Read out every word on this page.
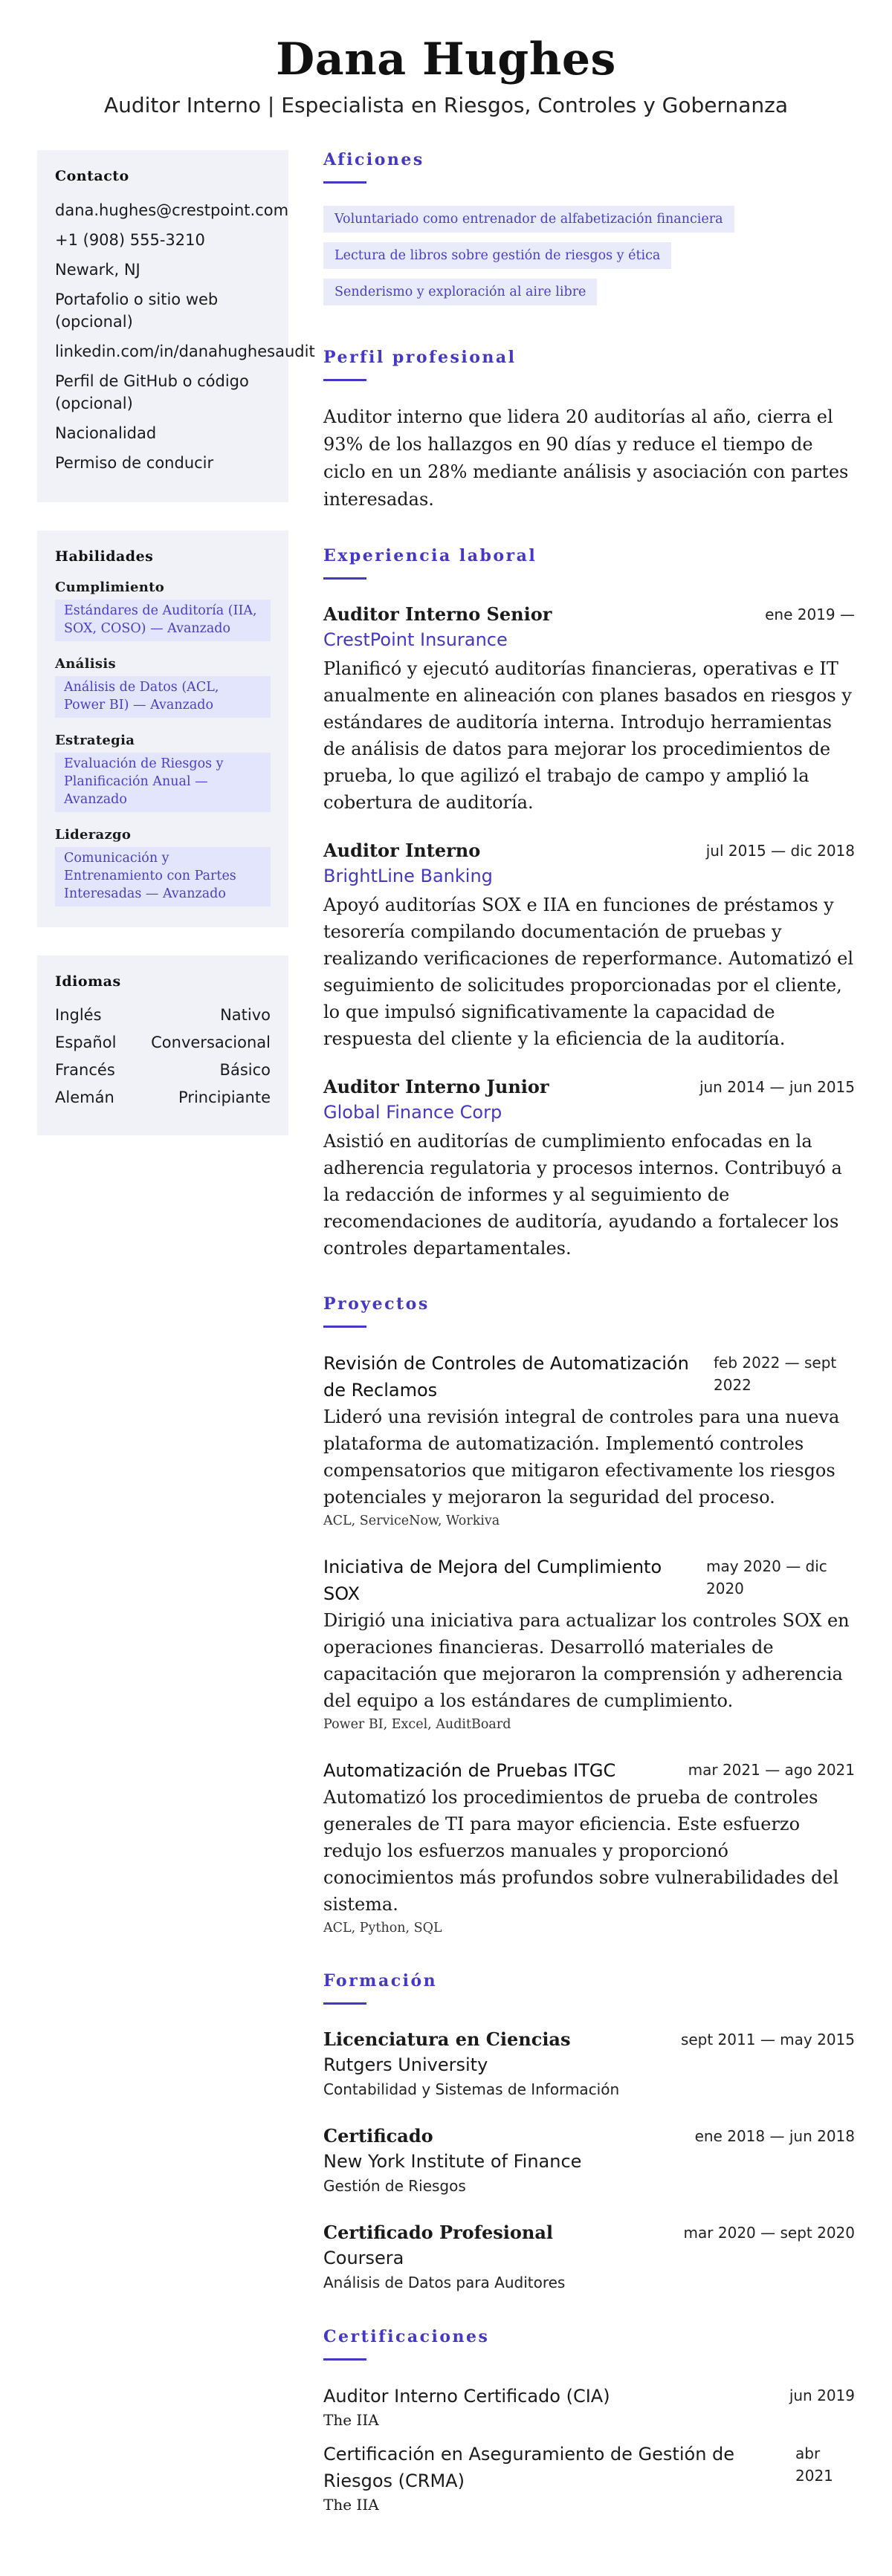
Dana Hughes
Auditor Interno | Especialista en Riesgos, Controles y Gobernanza
Contacto
dana.hughes@crestpoint.com
+1 (908) 555-3210
Newark, NJ
Portafolio o sitio web (opcional)
linkedin.com/in/danahughesaudit
Perfil de GitHub o código (opcional)
Nacionalidad
Permiso de conducir
Habilidades
Cumplimiento
Estándares de Auditoría (IIA, SOX, COSO) — Avanzado
Análisis
Análisis de Datos (ACL, Power BI) — Avanzado
Estrategia
Evaluación de Riesgos y Planificación Anual — Avanzado
Liderazgo
Comunicación y Entrenamiento con Partes Interesadas — Avanzado
Idiomas
Inglés	Nativo
Español Conversacional
Francés	Básico
Alemán	Principiante
Aficiones
Voluntariado como entrenador de alfabetización financiera
Lectura de libros sobre gestión de riesgos y ética
Senderismo y exploración al aire libre
Perfil profesional

Auditor interno que lidera 20 auditorías al año, cierra el 93% de los hallazgos en 90 días y reduce el tiempo de ciclo en un 28% mediante análisis y asociación con partes interesadas.

Experiencia laboral
Auditor Interno Senior	ene 2019 —
CrestPoint Insurance

Planificó y ejecutó auditorías financieras, operativas e IT anualmente en alineación con planes basados en riesgos y estándares de auditoría interna. Introdujo herramientas de análisis de datos para mejorar los procedimientos de prueba, lo que agilizó el trabajo de campo y amplió la cobertura de auditoría.

Auditor Interno	jul 2015 — dic 2018
BrightLine Banking

Apoyó auditorías SOX e IIA en funciones de préstamos y tesorería compilando documentación de pruebas y realizando verificaciones de reperformance. Automatizó el seguimiento de solicitudes proporcionadas por el cliente, lo que impulsó significativamente la capacidad de respuesta del cliente y la eficiencia de la auditoría.

Auditor Interno Junior	jun 2014 — jun 2015
Global Finance Corp

Asistió en auditorías de cumplimiento enfocadas en la adherencia regulatoria y procesos internos. Contribuyó a la redacción de informes y al seguimiento de recomendaciones de auditoría, ayudando a fortalecer los controles departamentales.

Proyectos
Revisión de Controles de Automatización de Reclamos
feb 2022 — sept 2022

Lideró una revisión integral de controles para una nueva plataforma de automatización. Implementó controles compensatorios que mitigaron efectivamente los riesgos potenciales y mejoraron la seguridad del proceso.

ACL, ServiceNow, Workiva
Iniciativa de Mejora del Cumplimiento SOX
may 2020 — dic 2020

Dirigió una iniciativa para actualizar los controles SOX en operaciones financieras. Desarrolló materiales de capacitación que mejoraron la comprensión y adherencia del equipo a los estándares de cumplimiento.

Power BI, Excel, AuditBoard
Automatización de Pruebas ITGC	mar 2021 — ago 2021

Automatizó los procedimientos de prueba de controles generales de TI para mayor eficiencia. Este esfuerzo redujo los esfuerzos manuales y proporcionó conocimientos más profundos sobre vulnerabilidades del sistema.

ACL, Python, SQL
Formación
Licenciatura en Ciencias	sept 2011 — may 2015
Rutgers University
Contabilidad y Sistemas de Información
Certificado	ene 2018 — jun 2018
New York Institute of Finance
Gestión de Riesgos
Certificado Profesional	mar 2020 — sept 2020
Coursera
Análisis de Datos para Auditores
Certificaciones
Auditor Interno Certificado (CIA)	jun 2019
The IIA
Certificación en Aseguramiento de Gestión de Riesgos (CRMA)
abr 2021
The IIA
